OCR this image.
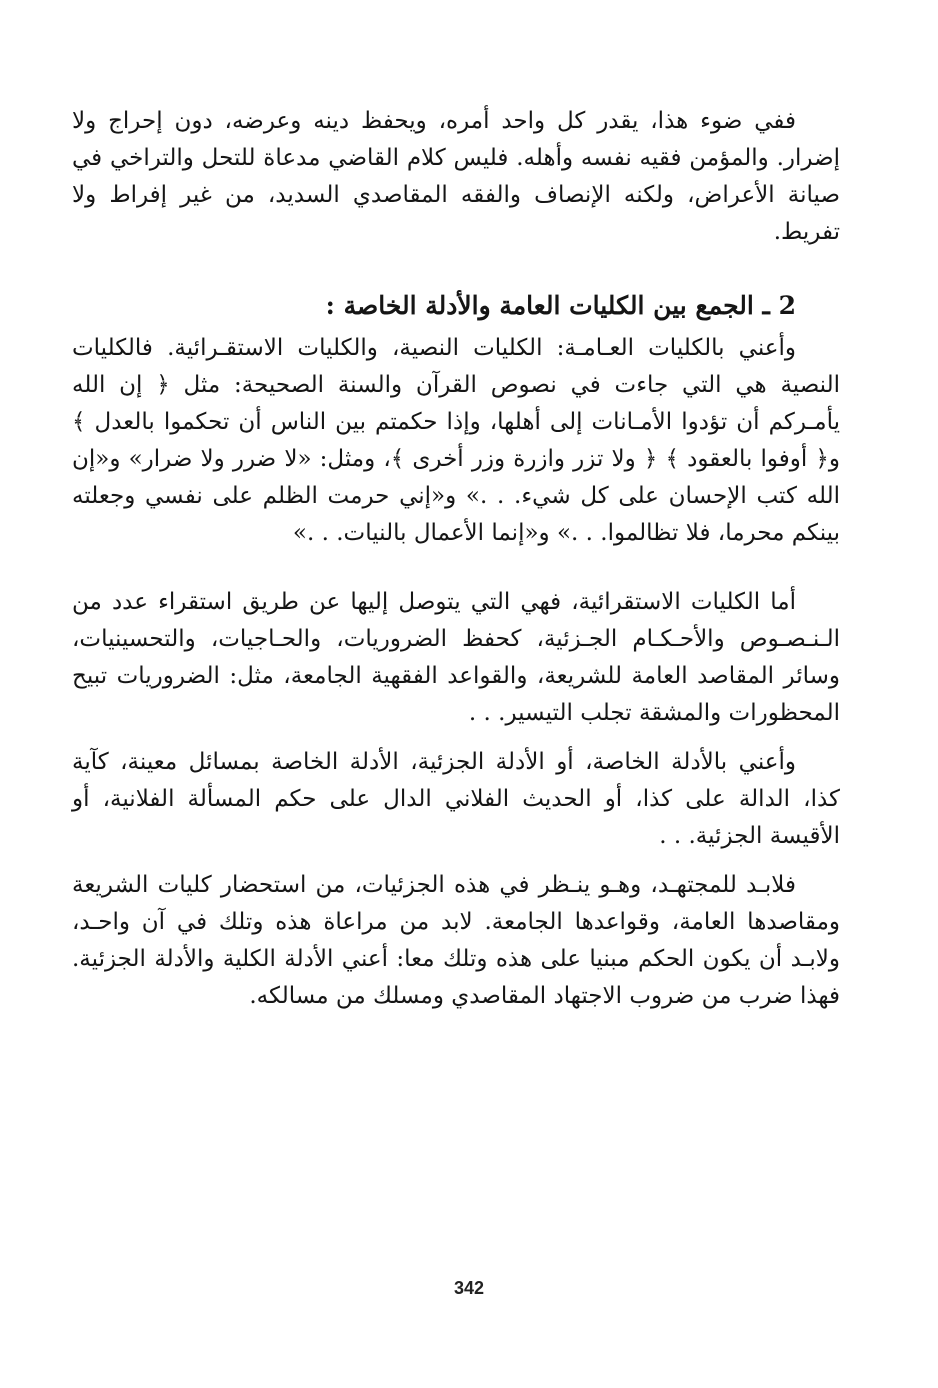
ففي ضوء هذا، يقدر كل واحد أمره، ويحفظ دينه وعرضه، دون إحراج ولا إضرار. والمؤمن فقيه نفسه وأهله. فليس كلام القاضي مدعاة للتحل والتراخي في صيانة الأعراض، ولكنه الإنصاف والفقه المقاصدي السديد، من غير إفراط ولا تفريط.

2 ـ الجمع بين الكليات العامة والأدلة الخاصة :

وأعني بالكليات العـامـة: الكليات النصية، والكليات الاستقـرائية. فالكليات النصية هي التي جاءت في نصوص القرآن والسنة الصحيحة: مثل ﴿ إن الله يأمـركم أن تؤدوا الأمـانات إلى أهلها، وإذا حكمتم بين الناس أن تحكموا بالعدل ﴾ و﴿ أوفوا بالعقود ﴾ ﴿ ولا تزر وازرة وزر أخرى ﴾، ومثل: «لا ضرر ولا ضرار» و«إن الله كتب الإحسان على كل شيء. . .» و«إني حرمت الظلم على نفسي وجعلته بينكم محرما، فلا تظالموا. . .» و«إنما الأعمال بالنيات. . .»

أما الكليات الاستقرائية، فهي التي يتوصل إليها عن طريق استقراء عدد من الـنـصـوص والأحـكـام الجـزئية، كحفظ الضروريات، والحـاجيات، والتحسينيات، وسائر المقاصد العامة للشريعة، والقواعد الفقهية الجامعة، مثل: الضروريات تبيح المحظورات والمشقة تجلب التيسير. . .

وأعني بالأدلة الخاصة، أو الأدلة الجزئية، الأدلة الخاصة بمسائل معينة، كآية كذا، الدالة على كذا، أو الحديث الفلاني الدال على حكم المسألة الفلانية، أو الأقيسة الجزئية. . .

فلابـد للمجتهـد، وهـو ينـظر في هذه الجزئيات، من استحضار كليات الشريعة ومقاصدها العامة، وقواعدها الجامعة. لابد من مراعاة هذه وتلك في آن واحـد، ولابـد أن يكون الحكم مبنيا على هذه وتلك معا: أعني الأدلة الكلية والأدلة الجزئية. فهذا ضرب من ضروب الاجتهاد المقاصدي ومسلك من مسالكه.

342
